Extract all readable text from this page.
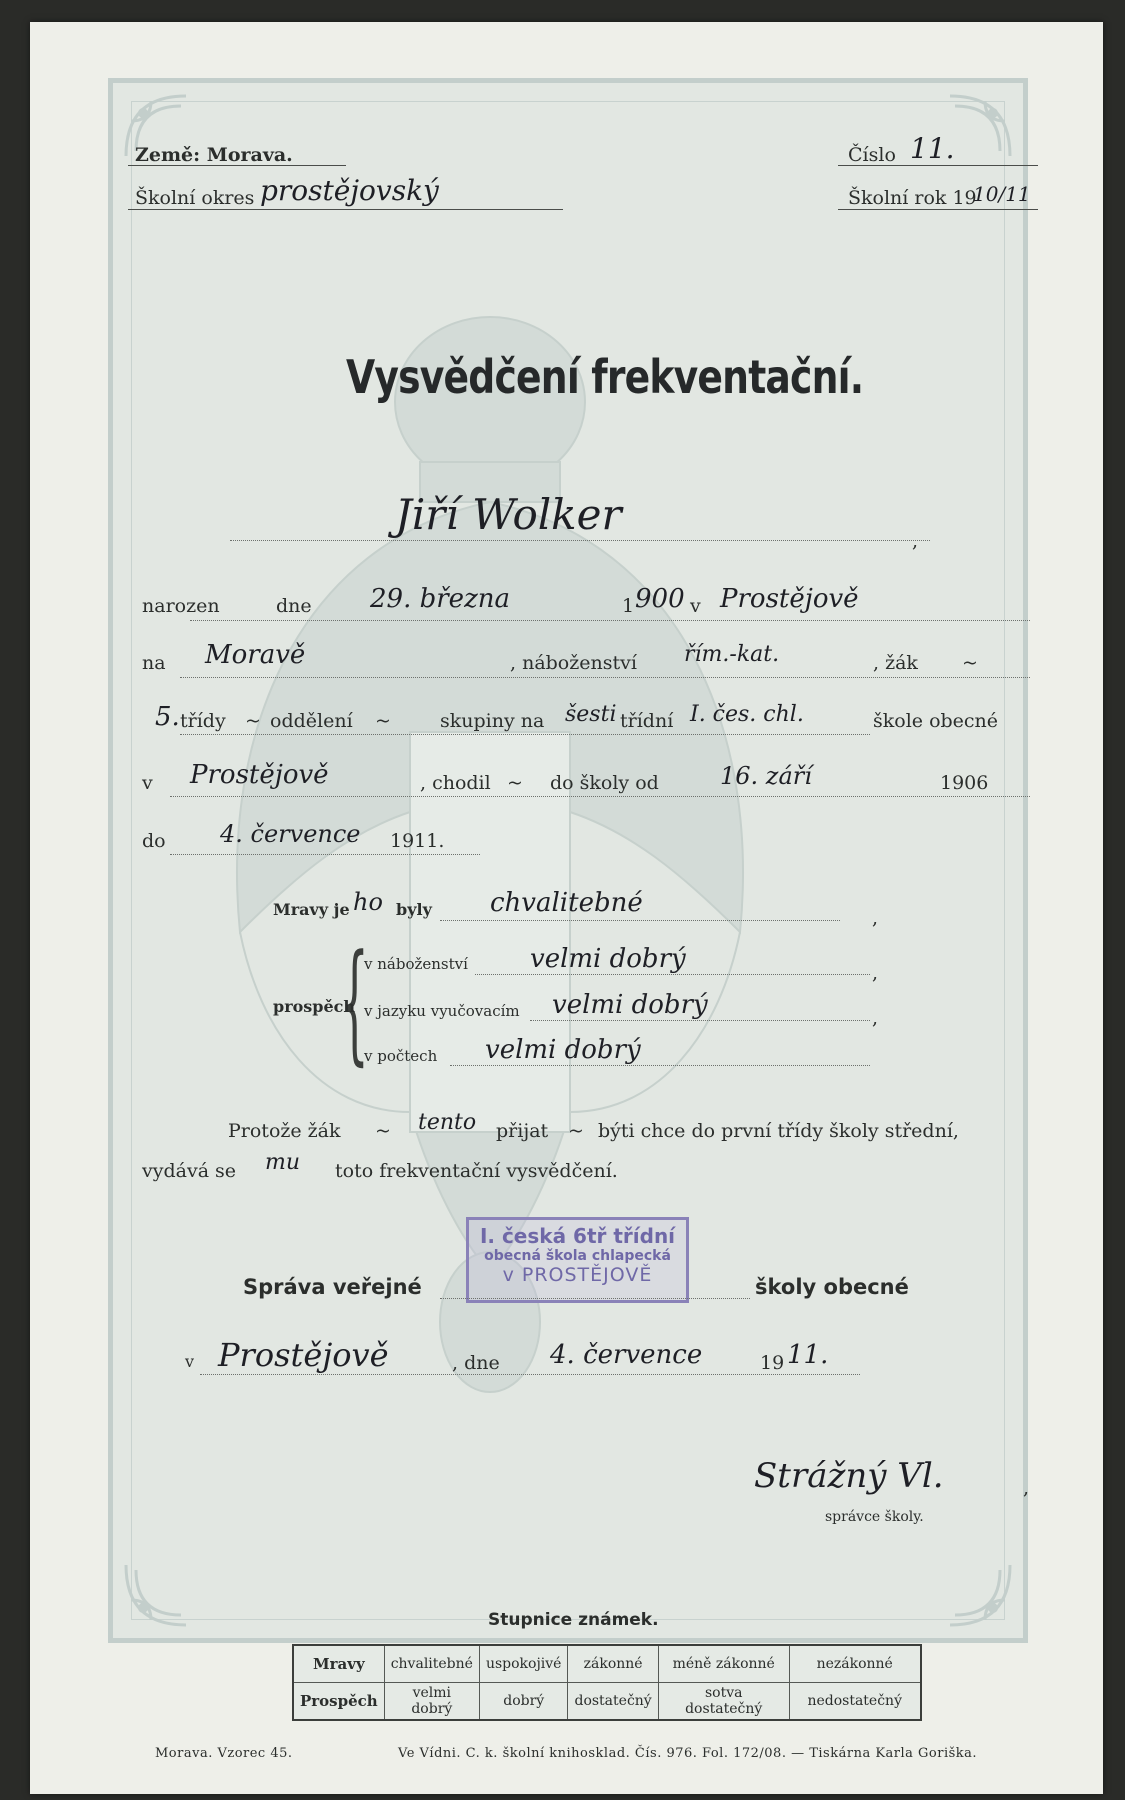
Země: Morava.
Školní okres prostějovský
Číslo 11.
Školní rok 19
10/11
Vysvědčení frekventační.
Jiří Wolker
,
narozen	dne 29. března	1 900 v Prostějově
na Moravě	, náboženství řím.-kat.	, žák ~
5. třídy ~ oddělení ~	skupiny na šesti třídní I. čes. chl.	škole obecné
v Prostějově	, chodil ~ do školy od	16. září	1906
do 4. července 1911.
Mravy je ho byly chvalitebné	,
{
prospěch
v náboženství velmi dobrý	,
v jazyku vyučovacím velmi dobrý	,
v počtech velmi dobrý
Protože žák ~ tento přijat ~ býti chce do první třídy školy střední,
vydává se mu toto frekventační vysvědčení.
I. česká 6tř třídní
obecná škola chlapecká
v PROSTĚJOVĚ
Správa veřejné	školy obecné
v Prostějově	, dne 4. července	19 11.
Strážný Vl.	,
správce školy.
Stupnice známek.
Mravy	chvalitebné	uspokojivé	zákonné	méně zákonné	nezákonné
Prospěch	velmi dobrý	dobrý	dostatečný	sotva dostatečný	nedostatečný
Morava. Vzorec 45.	Ve Vídni. C. k. školní knihosklad. Čís. 976. Fol. 172/08. — Tiskárna Karla Goriška.
